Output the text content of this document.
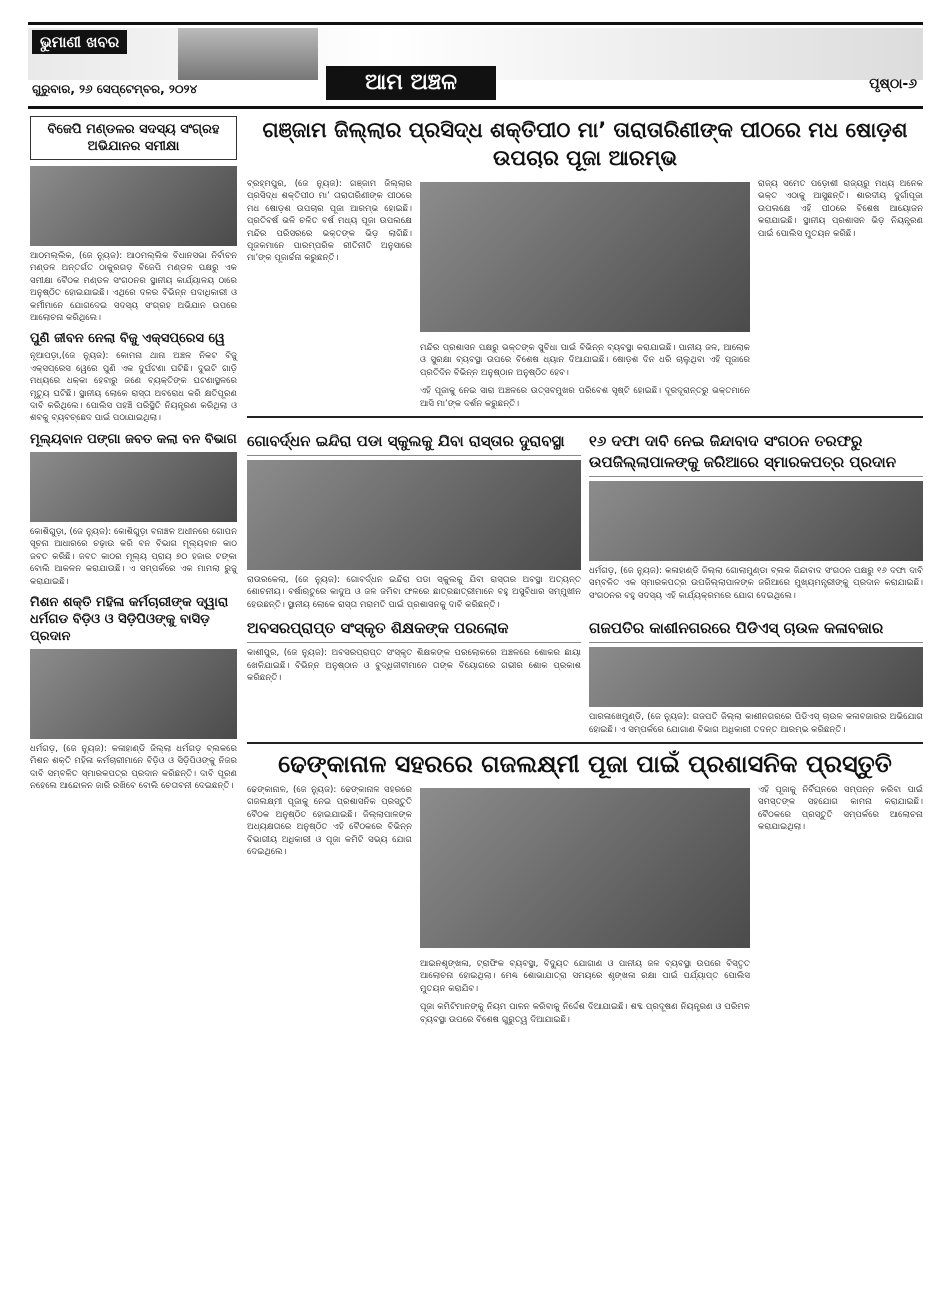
ଭୁମାଣୀ ଖବର
ଗୁରୁବାର, ୨୬ ସେପ୍ଟେମ୍ବର, ୨୦୨୪	ଆମ ଅଞ୍ଚଳ	ପୃଷ୍ଠା-୬
ବିଜେପି ମଣ୍ଡଳର ସଦସ୍ୟ ସଂଗ୍ରହ ଅଭିଯାନର ସମୀକ୍ଷା
ଆଠମଲ୍ଲିକ, (ଜେ ନ୍ୟୁଜ): ଆଠମଲ୍ଲିକ ବିଧାନସଭା ନିର୍ବାଚନ ମଣ୍ଡଳ ଅନ୍ତର୍ଗତ ଠାକୁରଗଡ଼ ବିଜେପି ମଣ୍ଡଳ ପକ୍ଷରୁ ଏକ ସମୀକ୍ଷା ବୈଠକ ମଣ୍ଡଳ ସଂଗଠନର ସ୍ଥାନୀୟ କାର୍ଯ୍ୟାଳୟ ଠାରେ ଅନୁଷ୍ଠିତ ହୋଇଯାଇଛି। ଏଥିରେ ଦଳର ବିଭିନ୍ନ ପଦାଧିକାରୀ ଓ କର୍ମୀମାନେ ଯୋଗଦେଇ ସଦସ୍ୟ ସଂଗ୍ରହ ଅଭିଯାନ ଉପରେ ଆଲୋଚନା କରିଥିଲେ।
ପୁଣି ଜୀବନ ନେଲା ବିଜୁ ଏକ୍ସପ୍ରେସ ୱେ
ନୂଆପଡ଼ା,(ଜେ ନ୍ୟୁଜ): କୋମନା ଥାନା ଅଞ୍ଚଳ ନିକଟ ବିଜୁ ଏକ୍ସପ୍ରେସ ୱେରେ ପୁଣି ଏକ ଦୁର୍ଘଟଣା ଘଟିଛି। ଦୁଇଟି ଗାଡ଼ି ମଧ୍ୟରେ ଧକ୍କା ହେବାରୁ ଜଣେ ବ୍ୟକ୍ତିଙ୍କ ଘଟଣାସ୍ଥଳରେ ମୃତ୍ୟୁ ଘଟିଛି। ସ୍ଥାନୀୟ ଲୋକେ ରାସ୍ତା ଅବରୋଧ କରି କ୍ଷତିପୂରଣ ଦାବି କରିଥିଲେ। ପୋଲିସ ପହଞ୍ଚି ପରିସ୍ଥିତି ନିୟନ୍ତ୍ରଣ କରିଥିଲା ଓ ଶବକୁ ବ୍ୟବଚ୍ଛେଦ ପାଇଁ ପଠାଯାଇଥିଲା।
ମୂଲ୍ୟବାନ ପଙ୍ଗା ଜବତ କଲା ବନ ବିଭାଗ
କୋଶିଗୁଡ଼ା, (ଜେ ନ୍ୟୁଜ): କୋଶିଗୁଡ଼ା ବନାଞ୍ଚଳ ଅଧୀନରେ ଗୋପନ ସୂଚନା ଆଧାରରେ ଚଢ଼ାଉ କରି ବନ ବିଭାଗ ମୂଲ୍ୟବାନ କାଠ ଜବତ କରିଛି। ଜବତ କାଠର ମୂଲ୍ୟ ପ୍ରାୟ ୭୦ ହଜାର ଟଙ୍କା ବୋଲି ଆକଳନ କରାଯାଉଛି। ଏ ସମ୍ପର୍କରେ ଏକ ମାମଲା ରୁଜୁ କରାଯାଇଛି।
ମିଶନ ଶକ୍ତି ମହିଳା କର୍ମଚାରୀଙ୍କ ଦ୍ୱାରା ଧର୍ମଗଡ ବିଡ଼ିଓ ଓ ସିଡ଼ିପିଓଙ୍କୁ ବାସିଡ଼ ପ୍ରଦାନ
ଧର୍ମଗଡ଼, (ଜେ ନ୍ୟୁଜ): କଳାହାଣ୍ଡି ଜିଲ୍ଲା ଧର୍ମଗଡ଼ ବ୍ଲକରେ ମିଶନ ଶକ୍ତି ମହିଳା କର୍ମଚାରୀମାନେ ବିଡ଼ିଓ ଓ ସିଡ଼ିପିଓଙ୍କୁ ନିଜର ଦାବି ସମ୍ବଳିତ ସ୍ମାରକପତ୍ର ପ୍ରଦାନ କରିଛନ୍ତି। ଦାବି ପୂରଣ ନହେଲେ ଆନ୍ଦୋଳନ ଜାରି ରଖିବେ ବୋଲି ଚେତାବନୀ ଦେଇଛନ୍ତି।
ଗଞ୍ଜାମ ଜିଲ୍ଲାର ପ୍ରସିଦ୍ଧ ଶକ୍ତିପୀଠ ମା’ ତାରାତାରିଣୀଙ୍କ ପୀଠରେ ମଧ ଷୋଡ଼ଶ ଉପଚାର ପୂଜା ଆରମ୍ଭ
ବ୍ରହ୍ମପୁର, (ଜେ ନ୍ୟୁଜ): ଗଞ୍ଜାମ ଜିଲ୍ଲାର ପ୍ରସିଦ୍ଧ ଶକ୍ତିପୀଠ ମା’ ତାରାତାରିଣୀଙ୍କ ପୀଠରେ ମଧ ଷୋଡ଼ଶ ଉପଚାର ପୂଜା ଆରମ୍ଭ ହୋଇଛି। ପ୍ରତିବର୍ଷ ଭଳି ଚଳିତ ବର୍ଷ ମଧ୍ୟ ପୂଜା ଉପଲକ୍ଷେ ମନ୍ଦିର ପରିସରରେ ଭକ୍ତଙ୍କ ଭିଡ଼ ଲାଗିଛି। ପୂଜକମାନେ ପାରମ୍ପରିକ ରୀତିନୀତି ଅନୁସାରେ ମା’ଙ୍କ ପୂଜାର୍ଚ୍ଚନା କରୁଛନ୍ତି।
ମନ୍ଦିର ପ୍ରଶାସନ ପକ୍ଷରୁ ଭକ୍ତଙ୍କ ସୁବିଧା ପାଇଁ ବିଭିନ୍ନ ବ୍ୟବସ୍ଥା କରାଯାଇଛି। ପାନୀୟ ଜଳ, ଆଲୋକ ଓ ସୁରକ୍ଷା ବ୍ୟବସ୍ଥା ଉପରେ ବିଶେଷ ଧ୍ୟାନ ଦିଆଯାଇଛି। ଷୋଡ଼ଶ ଦିନ ଧରି ଚାଲୁଥିବା ଏହି ପୂଜାରେ ପ୍ରତିଦିନ ବିଭିନ୍ନ ଅନୁଷ୍ଠାନ ଅନୁଷ୍ଠିତ ହେବ।
ଏହି ପୂଜାକୁ ନେଇ ସାରା ଅଞ୍ଚଳରେ ଉତ୍ସବମୁଖର ପରିବେଶ ସୃଷ୍ଟି ହୋଇଛି। ଦୂରଦୂରାନ୍ତରୁ ଭକ୍ତମାନେ ଆସି ମା’ଙ୍କ ଦର୍ଶନ କରୁଛନ୍ତି।
ରାଜ୍ୟ ସମେତ ପଡ଼ୋଶୀ ରାଜ୍ୟରୁ ମଧ୍ୟ ଅନେକ ଭକ୍ତ ଏଠାକୁ ଆସୁଛନ୍ତି। ଶାରଦୀୟ ଦୁର୍ଗାପୂଜା ଉପଲକ୍ଷେ ଏହି ପୀଠରେ ବିଶେଷ ଆୟୋଜନ କରାଯାଇଛି। ସ୍ଥାନୀୟ ପ୍ରଶାସନ ଭିଡ଼ ନିୟନ୍ତ୍ରଣ ପାଇଁ ପୋଲିସ ମୁତୟନ କରିଛି।
ଗୋବର୍ଦ୍ଧନ ଇନ୍ଦିରା ପଡା ସ୍କୁଲକୁ ଯିବା ରାସ୍ତାର ଦୁରାବସ୍ଥା
ରାଉରକେଲା, (ଜେ ନ୍ୟୁଜ): ଗୋବର୍ଦ୍ଧନ ଇନ୍ଦିରା ପଡା ସ୍କୁଲକୁ ଯିବା ରାସ୍ତାର ଅବସ୍ଥା ଅତ୍ୟନ୍ତ ଶୋଚନୀୟ। ବର୍ଷାଋତୁରେ କାଦୁଅ ଓ ଜଳ ଜମିବା ଫଳରେ ଛାତ୍ରଛାତ୍ରୀମାନେ ବହୁ ଅସୁବିଧାର ସମ୍ମୁଖୀନ ହେଉଛନ୍ତି। ସ୍ଥାନୀୟ ଲୋକେ ରାସ୍ତା ମରାମତି ପାଇଁ ପ୍ରଶାସନକୁ ଦାବି କରିଛନ୍ତି।
୧୬ ଦଫା ଦାବି ନେଇ ଜିନ୍ଦାବାଦ ସଂଗଠନ ତରଫରୁ ଉପଜିଲ୍ଲାପାଳଙ୍କୁ ଜରିଆରେ ସ୍ମାରକପତ୍ର ପ୍ରଦାନ
ଧର୍ମଗଡ଼, (ଜେ ନ୍ୟୁଜ): କଳାହାଣ୍ଡି ଜିଲ୍ଲା ଗୋଲାମୁଣ୍ଡା ବ୍ଲକ ଜିନ୍ଦାବାଦ ସଂଗଠନ ପକ୍ଷରୁ ୧୬ ଦଫା ଦାବି ସମ୍ବଳିତ ଏକ ସ୍ମାରକପତ୍ର ଉପଜିଲ୍ଲାପାଳଙ୍କ ଜରିଆରେ ମୁଖ୍ୟମନ୍ତ୍ରୀଙ୍କୁ ପ୍ରଦାନ କରାଯାଇଛି। ସଂଗଠନର ବହୁ ସଦସ୍ୟ ଏହି କାର୍ଯ୍ୟକ୍ରମରେ ଯୋଗ ଦେଇଥିଲେ।
ଅବସରପ୍ରାପ୍ତ ସଂସ୍କୃତ ଶିକ୍ଷକଙ୍କ ପରଲୋକ
କାଶୀପୁର, (ଜେ ନ୍ୟୁଜ): ଅବସରପ୍ରାପ୍ତ ସଂସ୍କୃତ ଶିକ୍ଷକଙ୍କ ପରଲୋକରେ ଅଞ୍ଚଳରେ ଶୋକର ଛାୟା ଖେଳିଯାଇଛି। ବିଭିନ୍ନ ଅନୁଷ୍ଠାନ ଓ ବୁଦ୍ଧିଜୀବୀମାନେ ତାଙ୍କ ବିୟୋଗରେ ଗଭୀର ଶୋକ ପ୍ରକାଶ କରିଛନ୍ତି।
ଗଜପତିର କାଶୀନଗରରେ ପିଡିଏସ୍ ଚାଉଳ କଳାବଜାର
ପାରଳାଖେମୁଣ୍ଡି, (ଜେ ନ୍ୟୁଜ): ଗଜପତି ଜିଲ୍ଲା କାଶୀନଗରରେ ପିଡିଏସ୍ ଚାଉଳ କଳାବଜାରର ଅଭିଯୋଗ ହୋଇଛି। ଏ ସମ୍ପର୍କରେ ଯୋଗାଣ ବିଭାଗ ଅଧିକାରୀ ତଦନ୍ତ ଆରମ୍ଭ କରିଛନ୍ତି।
ଢେଙ୍କାନାଳ ସହରରେ ଗଜଲକ୍ଷ୍ମୀ ପୂଜା ପାଇଁ ପ୍ରଶାସନିକ ପ୍ରସ୍ତୁତି
ଢେଙ୍କାନାଳ, (ଜେ ନ୍ୟୁଜ): ଢେଙ୍କାନାଳ ସହରରେ ଗଜଲକ୍ଷ୍ମୀ ପୂଜାକୁ ନେଇ ପ୍ରଶାସନିକ ପ୍ରସ୍ତୁତି ବୈଠକ ଅନୁଷ୍ଠିତ ହୋଇଯାଇଛି। ଜିଲ୍ଲାପାଳଙ୍କ ଅଧ୍ୟକ୍ଷତାରେ ଅନୁଷ୍ଠିତ ଏହି ବୈଠକରେ ବିଭିନ୍ନ ବିଭାଗୀୟ ଅଧିକାରୀ ଓ ପୂଜା କମିଟି ସଭ୍ୟ ଯୋଗ ଦେଇଥିଲେ।
ଆଇନଶୃଙ୍ଖଳା, ଟ୍ରାଫିକ ବ୍ୟବସ୍ଥା, ବିଦ୍ୟୁତ ଯୋଗାଣ ଓ ପାନୀୟ ଜଳ ବ୍ୟବସ୍ଥା ଉପରେ ବିସ୍ତୃତ ଆଲୋଚନା ହୋଇଥିଲା। ମେଣ୍ଢ ଶୋଭାଯାତ୍ରା ସମୟରେ ଶୃଙ୍ଖଳା ରକ୍ଷା ପାଇଁ ପର୍ଯ୍ୟାପ୍ତ ପୋଲିସ ମୁତୟନ କରାଯିବ।
ପୂଜା କମିଟିମାନଙ୍କୁ ନିୟମ ପାଳନ କରିବାକୁ ନିର୍ଦ୍ଦେଶ ଦିଆଯାଇଛି। ଶବ୍ଦ ପ୍ରଦୂଷଣ ନିୟନ୍ତ୍ରଣ ଓ ପରିମଳ ବ୍ୟବସ୍ଥା ଉପରେ ବିଶେଷ ଗୁରୁତ୍ୱ ଦିଆଯାଇଛି।
ଏହି ପୂଜାକୁ ନିର୍ବିଘ୍ନରେ ସମ୍ପନ୍ନ କରିବା ପାଇଁ ସମସ୍ତଙ୍କ ସହଯୋଗ କାମନା କରାଯାଇଛି। ବୈଠକରେ ପ୍ରସ୍ତୁତି ସମ୍ପର୍କରେ ଆଲୋଚନା କରାଯାଇଥିଲା।
